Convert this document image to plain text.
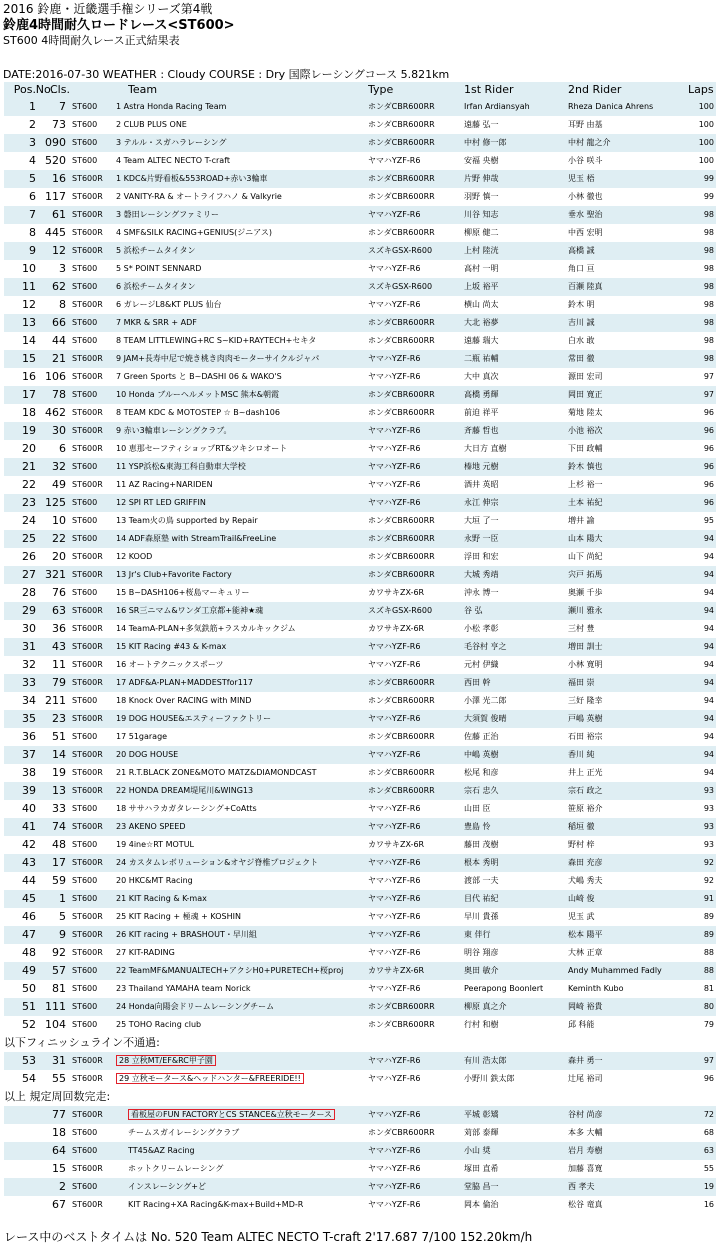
2016 鈴鹿・近畿選手権シリーズ第4戦
鈴鹿4時間耐久ロードレース<ST600>
ST600 4時間耐久レース正式結果表
DATE:2016-07-30 WEATHER : Cloudy COURSE : Dry 国際レーシングコース 5.821km
Pos. No.
Cls.	Team	Type	1st Rider	2nd Rider	Laps
1	7 ST600	1 Astra Honda Racing Team	ホンダCBR600RR	Irfan Ardiansyah	Rheza Danica Ahrens	100
2	73 ST600	2 CLUB PLUS ONE	ホンダCBR600RR	遠藤 弘一	耳野 由基	100
3 090 ST600	3 テルル・スガハラレーシング	ホンダCBR600RR	中村 修一郎	中村 龍之介	100
4 520 ST600	4 Team ALTEC NECTO T-craft	ヤマハYZF-R6	安福 央樹	小谷 咲斗	100
5	16 ST600R	1 KDC&片野看板&553ROAD+赤い3輪車	ホンダCBR600RR	片野 伸哉	児玉 梧	99
6 117 ST600R	2 VANITY-RA & オートライフハノ & Valkyrie	ホンダCBR600RR	羽野 慎一	小林 徹也	99
7	61 ST600R	3 磐田レーシングファミリー	ヤマハYZF-R6	川谷 知志	垂水 聖治	98
8 445 ST600R	4 SMF&SILK RACING+GENIUS(ジニアス)	ホンダCBR600RR	柳原 健二	中西 宏明	98
9	12 ST600R	5 浜松チームタイタン	スズキGSX-R600	上村 陸洸	高橋 誠	98
10	3 ST600	5 S* POINT SENNARD	ヤマハYZF-R6	高村 一明	角口 亘	98
11	62 ST600	6 浜松チームタイタン	スズキGSX-R600	上坂 裕平	百瀬 陸真	98
12	8 ST600R	6 ガレージL8&KT PLUS 仙台	ヤマハYZF-R6	横山 尚太	鈴木 明	98
13	66 ST600	7 MKR & SRR + ADF	ホンダCBR600RR	大北 裕夢	吉川 誠	98
14	44 ST600	8 TEAM LITTLEWING+RC S~KID+RAYTECH+セキタ	ホンダCBR600RR	遠藤 瑞大	白水 敢	98
15	21 ST600R	9 JAM+長寿中尼で焼き桃き肉肉モーターサイクルジャパ	ヤマハYZF-R6	二瓶 祐輔	常田 徹	98
16 106 ST600R	7 Green Sports と B~DASHI 06 & WAKO'S	ヤマハYZF-R6	大中 真次	源田 宏司	97
17	78 ST600	10 Honda ブルーヘルメットMSC 熊本&朝霞	ホンダCBR600RR	高橋 勇輝	岡田 寛正	97
18 462 ST600R	8 TEAM KDC & MOTOSTEP ☆ B~dash106	ホンダCBR600RR	前迫 祥平	菊地 陸太	96
19	30 ST600R	9 赤い3輪車レーシングクラブ。	ヤマハYZF-R6	斉藤 哲也	小池 裕次	96
20	6 ST600R	10 恵那セーフティショップRT&ツキシロオート	ヤマハYZF-R6	大日方 直樹	下田 政輔	96
21	32 ST600	11 YSP浜松&東海工科自動車大学校	ヤマハYZF-R6	榛地 元樹	鈴木 慎也	96
22	49 ST600R	11 AZ Racing+NARIDEN	ヤマハYZF-R6	酒井 英昭	上杉 裕一	96
23 125 ST600	12 SPI RT LED GRIFFIN	ヤマハYZF-R6	永江 伸宗	土本 祐紀	96
24	10 ST600	13 Team火の鳥 supported by Repair	ホンダCBR600RR	大垣 了一	増井 諭	95
25	22 ST600	14 ADF森原塾 with StreamTrail&FreeLine	ホンダCBR600RR	永野 一臣	山本 陽大	94
26	20 ST600R	12 KOOD	ホンダCBR600RR	浮田 和宏	山下 尚紀	94
27 321 ST600R	13 Jr's Club+Favorite Factory	ホンダCBR600RR	大城 秀靖	宍戸 拓馬	94
28	76 ST600	15 B~DASH106+桜島マーキュリー	カワサキZX-6R	沖永 博一	奥瀬 千歩	94
29	63 ST600R	16 SR三ニマム&ワンダ工京都+能神★魂	スズキGSX-R600	谷 弘	瀬川 雅永	94
30	36 ST600R	14 TeamA-PLAN+多気鉄筋+ラスカルキックジム	カワサキZX-6R	小松 孝彰	三村 豊	94
31	43 ST600R	15 KIT Racing #43 & K-max	ヤマハYZF-R6	毛谷村 亨之	増田 訓士	94
32	11 ST600R	16 オートテクニックスポーツ	ヤマハYZF-R6	元村 伊織	小林 寛明	94
33	79 ST600R	17 ADF&A-PLAN+MADDESTfor117	ホンダCBR600RR	西田 幹	福田 崇	94
34 211 ST600	18 Knock Over RACING with MIND	ホンダCBR600RR	小澤 光二郎	三好 隆幸	94
35	23 ST600R	19 DOG HOUSE&エスティーファクトリー	ヤマハYZF-R6	大須賀 俊晴	戸嶋 英樹	94
36	51 ST600	17 51garage	ホンダCBR600RR	佐藤 正治	石田 裕宗	94
37	14 ST600R	20 DOG HOUSE	ヤマハYZF-R6	中嶋 英樹	香川 純	94
38	19 ST600R	21 R.T.BLACK ZONE&MOTO MATZ&DIAMONDCAST	ホンダCBR600RR	松尾 和彦	井上 正光	94
39	13 ST600R	22 HONDA DREAM堤尾川&WING13	ホンダCBR600RR	宗石 忠久	宗石 政之	93
40	33 ST600	18 ササハラカガタレーシング+CoAtts	ヤマハYZF-R6	山田 臣	笹原 裕介	93
41	74 ST600R	23 AKENO SPEED	ヤマハYZF-R6	豊島 怜	稲垣 徹	93
42	48 ST600	19 4ine☆RT MOTUL	カワサキZX-6R	藤田 茂樹	野村 梓	93
43	17 ST600R	24 カスタムレボリューション&オヤジ脊椎プロジェクト	ヤマハYZF-R6	根本 秀明	森田 充彦	92
44	59 ST600	20 HKC&MT Racing	ヤマハYZF-R6	渡部 一夫	犬嶋 秀夫	92
45	1 ST600	21 KIT Racing & K-max	ヤマハYZF-R6	目代 祐紀	山崎 俊	91
46	5 ST600R	25 KIT Racing + 極魂 + KOSHIN	ヤマハYZF-R6	早川 貴孫	児玉 武	89
47	9 ST600R	26 KIT racing + BRASHOUT・早川組	ヤマハYZF-R6	東 伴行	松本 陽平	89
48	92 ST600R	27 KIT-RADING	ヤマハYZF-R6	明谷 翔彦	大林 正章	88
49	57 ST600	22 TeamMF&MANUALTECH+アクシH0+PURETECH+桜proj	カワサキZX-6R	奥田 敏介	Andy Muhammed Fadly	88
50	81 ST600	23 Thailand YAMAHA team Norick	ヤマハYZF-R6	Peerapong Boonlert	Keminth Kubo	81
51 111 ST600	24 Honda向陽会ドリームレーシングチーム	ホンダCBR600RR	柳原 真之介	岡崎 裕貴	80
52 104 ST600	25 TOHO Racing club	ホンダCBR600RR	行村 和樹	邱 科能	79
以下フィニッシュライン不通過:
53	31 ST600R	28 立秋MT/EF&RC甲子園	ヤマハYZF-R6	有川 浩太郎	森井 勇一	97
54	55 ST600R	29 立秋モータース&ヘッドハンター&FREERIDE!!	ヤマハYZF-R6	小野川 鉄太郎	辻尾 裕司	96
以上 規定周回数完走:
77 ST600R	看板屋のFUN FACTORYとCS STANCE&立秋モータース	ヤマハYZF-R6	平城 彰矯	谷村 尚彦	72
18 ST600	チームスガイレーシングクラブ	ホンダCBR600RR	苅部 泰輝	本多 大輔	68
64 ST600	TT45&AZ Racing	ヤマハYZF-R6	小山 奨	岩月 寿樹	63
15 ST600R	ホットクリームレーシング	ヤマハYZF-R6	塚田 直希	加藤 喜寛	55
2 ST600	インスレーシング+ど	ヤマハYZF-R6	堂脇 昌一	西 孝夫	19
67 ST600R	KIT Racing+XA Racing&K-max+Build+MD-R	ヤマハYZF-R6	岡本 倫治	松谷 竜真	16
レース中のベストタイムは No. 520 Team ALTEC NECTO T-craft 2'17.687 7/100 152.20km/h
